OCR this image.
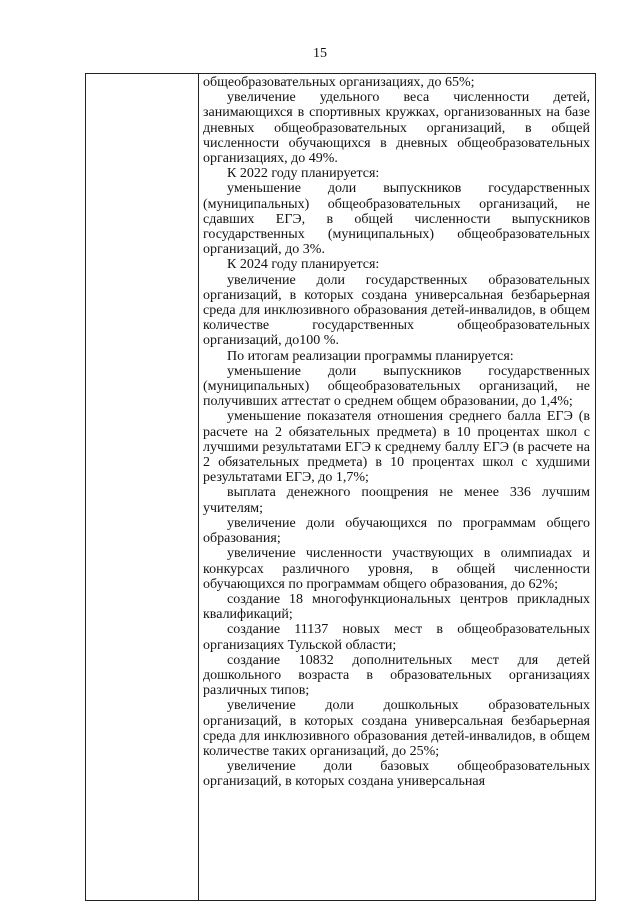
15

общеобразовательных организациях, до 65%;

увеличение удельного веса численности детей, занимающихся в спортивных кружках, организованных на базе дневных общеобразовательных организаций, в общей численности обучающихся в дневных общеобразовательных организациях, до 49%.

К 2022 году планируется:

уменьшение доли выпускников государственных (муниципальных) общеобразовательных организаций, не сдавших ЕГЭ, в общей численности выпускников государственных (муниципальных) общеобразовательных организаций, до 3%.

К 2024 году планируется:

увеличение доли государственных образовательных организаций, в которых создана универсальная безбарьерная среда для инклюзивного образования детей-инвалидов, в общем количестве государственных общеобразовательных организаций, до100 %.

По итогам реализации программы планируется:

уменьшение доли выпускников государственных (муниципальных) общеобразовательных организаций, не получивших аттестат о среднем общем образовании, до 1,4%;

уменьшение показателя отношения среднего балла ЕГЭ (в расчете на 2 обязательных предмета) в 10 процентах школ с лучшими результатами ЕГЭ к среднему баллу ЕГЭ (в расчете на 2 обязательных предмета) в 10 процентах школ с худшими результатами ЕГЭ, до 1,7%;

выплата денежного поощрения не менее 336 лучшим учителям;

увеличение доли обучающихся по программам общего образования;

увеличение численности участвующих в олимпиадах и конкурсах различного уровня, в общей численности обучающихся по программам общего образования, до 62%;

создание 18 многофункциональных центров прикладных квалификаций;

создание 11137 новых мест в общеобразовательных организациях Тульской области;

создание 10832 дополнительных мест для детей дошкольного возраста в образовательных организациях различных типов;

увеличение доли дошкольных образовательных организаций, в которых создана универсальная безбарьерная среда для инклюзивного образования детей-инвалидов, в общем количестве таких организаций, до 25%;

увеличение доли базовых общеобразовательных организаций, в которых создана универсальная
